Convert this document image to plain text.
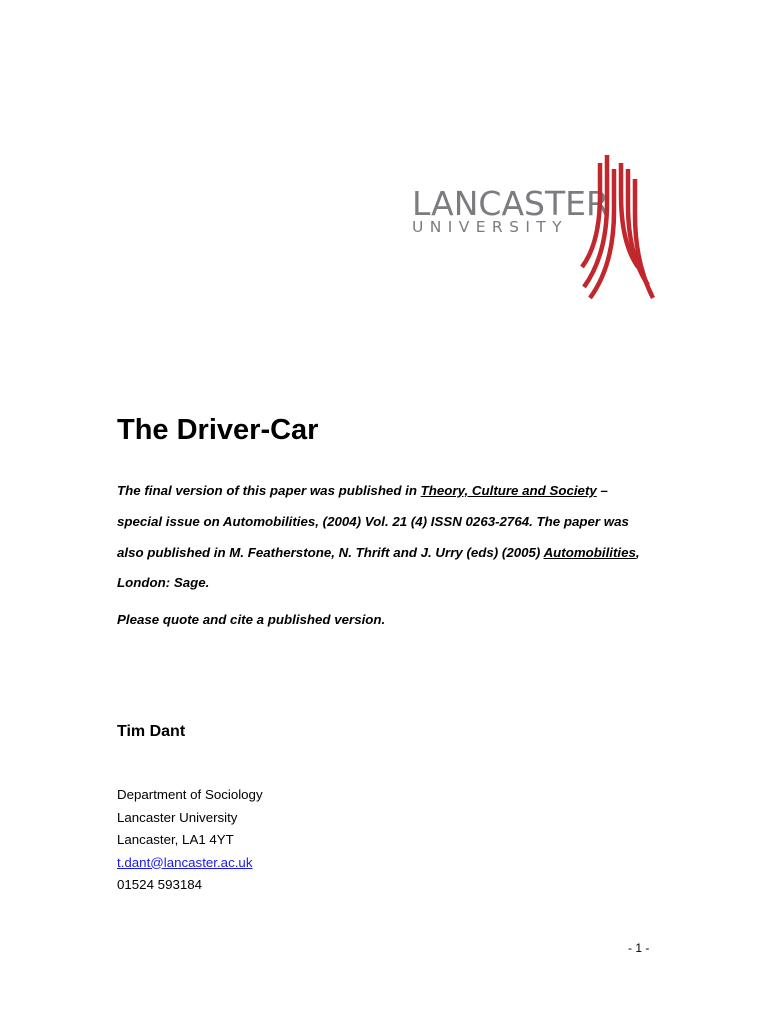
LANCASTER
UNIVERSITY
The Driver-Car

The final version of this paper was published in Theory, Culture and Society – special issue on Automobilities, (2004) Vol. 21 (4) ISSN 0263-2764. The paper was also published in M. Featherstone, N. Thrift and J. Urry (eds) (2005) Automobilities, London: Sage.

Please quote and cite a published version.

Tim Dant

Department of Sociology
Lancaster University
Lancaster, LA1 4YT
t.dant@lancaster.ac.uk
01524 593184
- 1 -
